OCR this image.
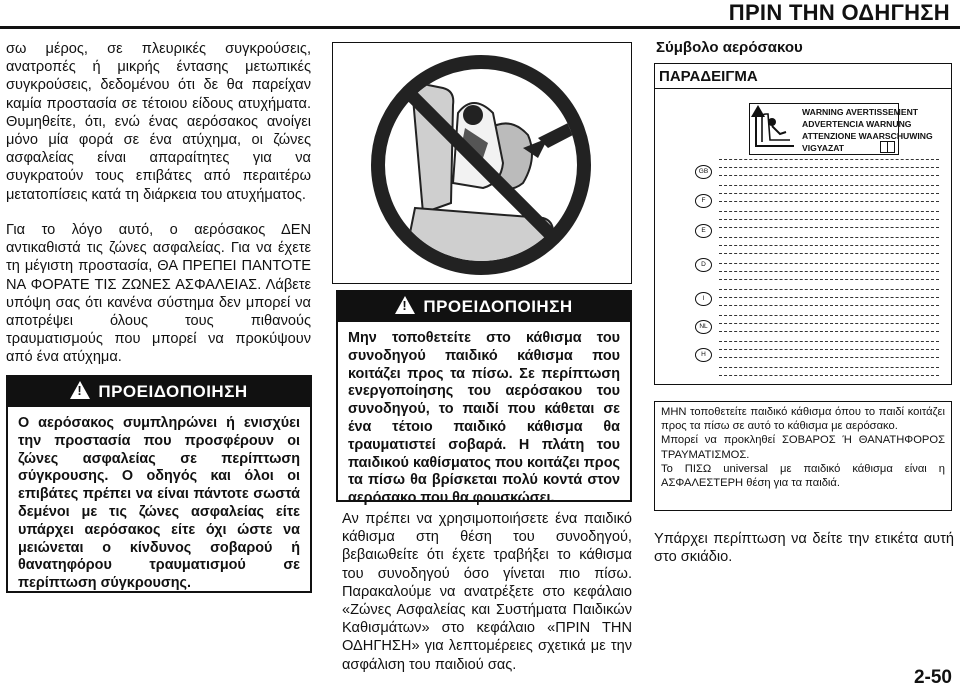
ΠΡΙΝ ΤΗΝ ΟΔΗΓΗΣΗ

σω μέρος, σε πλευρικές συγκρούσεις, ανατροπές ή μικρής έντασης μετωπικές συγκρούσεις, δεδομένου ότι δε θα παρείχαν καμία προστασία σε τέτοιου είδους ατυχήματα. Θυμηθείτε, ότι, ενώ ένας αερόσακος ανοίγει μόνο μία φορά σε ένα ατύχημα, οι ζώνες ασφαλείας είναι απαραίτητες για να συγκρατούν τους επιβάτες από περαιτέρω μετατοπίσεις κατά τη διάρκεια του ατυχήματος.

Για το λόγο αυτό, ο αερόσακος ΔΕΝ αντικαθιστά τις ζώνες ασφαλείας. Για να έχετε τη μέγιστη προστασία, ΘΑ ΠΡΕΠΕΙ ΠΑΝΤΟΤΕ ΝΑ ΦΟΡΑΤΕ ΤΙΣ ΖΩΝΕΣ ΑΣΦΑΛΕΙΑΣ. Λάβετε υπόψη σας ότι κανένα σύστημα δεν μπορεί να αποτρέψει όλους τους πιθανούς τραυματισμούς που μπορεί να προκύψουν από ένα ατύχημα.

! ΠΡΟΕΙΔΟΠΟΙΗΣΗ
Ο αερόσακος συμπληρώνει ή ενισχύει την προστασία που προσφέρουν οι ζώνες ασφαλείας σε περίπτωση σύγκρουσης. Ο οδηγός και όλοι οι επιβάτες πρέπει να είναι πάντοτε σωστά δεμένοι με τις ζώνες ασφαλείας είτε υπάρχει αερόσακος είτε όχι ώστε να μειώνεται ο κίνδυνος σοβαρού ή θανατηφόρου τραυματισμού σε περίπτωση σύγκρουσης.
! ΠΡΟΕΙΔΟΠΟΙΗΣΗ
Μην τοποθετείτε στο κάθισμα του συνοδηγού παιδικό κάθισμα που κοιτάζει προς τα πίσω. Σε περίπτωση ενεργοποίησης του αερόσακου του συνοδηγού, το παιδί που κάθεται σε ένα τέτοιο παιδικό κάθισμα θα τραυματιστεί σοβαρά. Η πλάτη του παιδικού καθίσματος που κοιτάζει προς τα πίσω θα βρίσκεται πολύ κοντά στον αερόσακο που θα φουσκώσει.

Αν πρέπει να χρησιμοποιήσετε ένα παιδικό κάθισμα στη θέση του συνοδηγού, βεβαιωθείτε ότι έχετε τραβήξει το κάθισμα του συνοδηγού όσο γίνεται πιο πίσω. Παρακαλούμε να ανατρέξετε στο κεφάλαιο «Ζώνες Ασφαλείας και Συστήματα Παιδικών Καθισμάτων» στο κεφάλαιο «ΠΡΙΝ ΤΗΝ ΟΔΗΓΗΣΗ» για λεπτομέρειες σχετικά με την ασφάλιση του παιδιού σας.

Σύμβολο αερόσακου
ΠΑΡΑΔΕΙΓΜΑ
WARNING AVERTISSEMENT
ADVERTENCIA WARNUNG
ATTENZIONE WAARSCHUWING
VIGYAZAT
GB
F
E
D
I
NL
H
ΜΗΝ τοποθετείτε παιδικό κάθισμα όπου το παιδί κοιτάζει προς τα πίσω σε αυτό το κάθισμα με αερόσακο.
Μπορεί να προκληθεί ΣΟΒΑΡΟΣ Ή ΘΑΝΑΤΗΦΟΡΟΣ ΤΡΑΥΜΑΤΙΣΜΟΣ.
Το ΠΙΣΩ universal με παιδικό κάθισμα είναι η ΑΣΦΑΛΕΣΤΕΡΗ θέση για τα παιδιά.

Υπάρχει περίπτωση να δείτε την ετικέτα αυτή στο σκιάδιο.

2-50
